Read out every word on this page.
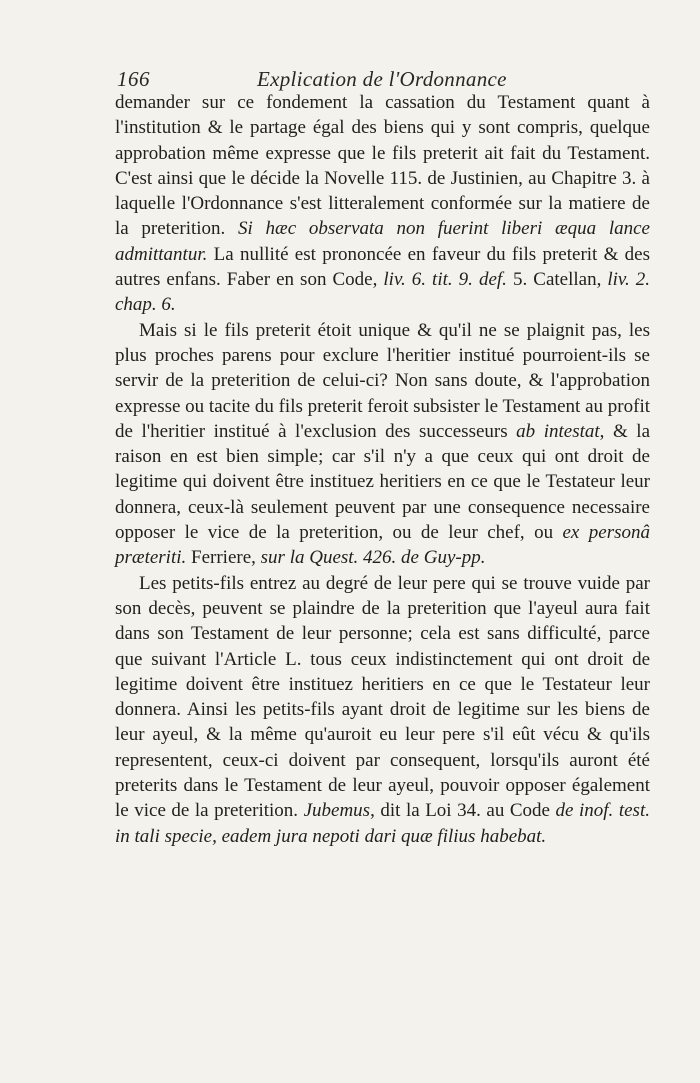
166	Explication de l'Ordonnance

demander sur ce fondement la cassation du Testament quant à l'institution & le partage égal des biens qui y sont compris, quelque approbation même expresse que le fils preterit ait fait du Testament. C'est ainsi que le décide la Novelle 115. de Justinien, au Chapitre 3. à laquelle l'Ordonnance s'est litteralement conformée sur la matiere de la preterition. Si hæc observata non fuerint liberi æqua lance admittantur. La nullité est prononcée en faveur du fils preterit & des autres enfans. Faber en son Code, liv. 6. tit. 9. def. 5. Catellan, liv. 2. chap. 6.

Mais si le fils preterit étoit unique & qu'il ne se plaignit pas, les plus proches parens pour exclure l'heritier institué pourroient-ils se servir de la preterition de celui-ci? Non sans doute, & l'approbation expresse ou tacite du fils preterit feroit subsister le Testament au profit de l'heritier institué à l'exclusion des successeurs ab intestat, & la raison en est bien simple; car s'il n'y a que ceux qui ont droit de legitime qui doivent être instituez heritiers en ce que le Testateur leur donnera, ceux-là seulement peuvent par une consequence necessaire opposer le vice de la preterition, ou de leur chef, ou ex personâ præteriti. Ferriere, sur la Quest. 426. de Guy-pp.

Les petits-fils entrez au degré de leur pere qui se trouve vuide par son decès, peuvent se plaindre de la preterition que l'ayeul aura fait dans son Testament de leur personne; cela est sans difficulté, parce que suivant l'Article L. tous ceux indistinctement qui ont droit de legitime doivent être instituez heritiers en ce que le Testateur leur donnera. Ainsi les petits-fils ayant droit de legitime sur les biens de leur ayeul, & la même qu'auroit eu leur pere s'il eût vécu & qu'ils representent, ceux-ci doivent par consequent, lorsqu'ils auront été preterits dans le Testament de leur ayeul, pouvoir opposer également le vice de la preterition. Jubemus, dit la Loi 34. au Code de inof. test. in tali specie, eadem jura nepoti dari quæ filius habebat.
